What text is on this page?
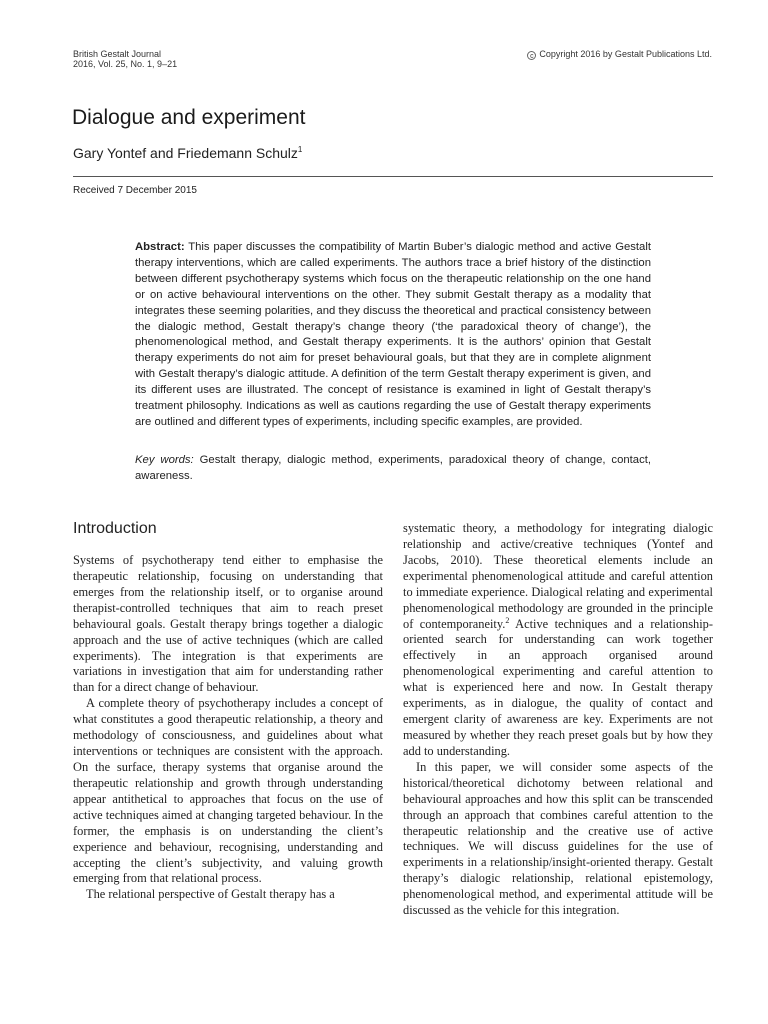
British Gestalt Journal
2016, Vol. 25, No. 1, 9–21
c Copyright 2016 by Gestalt Publications Ltd.
Dialogue and experiment
Gary Yontef and Friedemann Schulz$^1$
Received 7 December 2015
Abstract: This paper discusses the compatibility of Martin Buber’s dialogic method and active Gestalt therapy interventions, which are called experiments. The authors trace a brief history of the distinction between different psychotherapy systems which focus on the therapeutic relationship on the one hand or on active behavioural interventions on the other. They submit Gestalt therapy as a modality that integrates these seeming polarities, and they discuss the theoretical and practical consistency between the dialogic method, Gestalt therapy’s change theory (‘the paradoxical theory of change’), the phenomenological method, and Gestalt therapy experiments. It is the authors’ opinion that Gestalt therapy experiments do not aim for preset behavioural goals, but that they are in complete alignment with Gestalt therapy’s dialogic attitude. A definition of the term Gestalt therapy experiment is given, and its different uses are illustrated. The concept of resistance is examined in light of Gestalt therapy’s treatment philosophy. Indications as well as cautions regarding the use of Gestalt therapy experiments are outlined and different types of experiments, including specific examples, are provided.
Key words: Gestalt therapy, dialogic method, experiments, paradoxical theory of change, contact, awareness.
Introduction

Systems of psychotherapy tend either to emphasise the therapeutic relationship, focusing on understanding that emerges from the relationship itself, or to organise around therapist-controlled techniques that aim to reach preset behavioural goals. Gestalt therapy brings together a dialogic approach and the use of active techniques (which are called experiments). The integration is that experiments are variations in investigation that aim for understanding rather than for a direct change of behaviour.

A complete theory of psychotherapy includes a concept of what constitutes a good therapeutic relationship, a theory and methodology of consciousness, and guidelines about what interventions or techniques are consistent with the approach. On the surface, therapy systems that organise around the therapeutic relationship and growth through understanding appear antithetical to approaches that focus on the use of active techniques aimed at changing targeted behaviour. In the former, the emphasis is on understanding the client’s experience and behaviour, recognising, understanding and accepting the client’s subjectivity, and valuing growth emerging from that relational process.

The relational perspective of Gestalt therapy has a

systematic theory, a methodology for integrating dialogic relationship and active/creative techniques (Yontef and Jacobs, 2010). These theoretical elements include an experimental phenomenological attitude and careful attention to immediate experience. Dialogical relating and experimental phenomenological methodology are grounded in the principle of contemporaneity.$^2$ Active techniques and a relationship-oriented search for understanding can work together effectively in an approach organised around phenomenological experimenting and careful attention to what is experienced here and now. In Gestalt therapy experiments, as in dialogue, the quality of contact and emergent clarity of awareness are key. Experiments are not measured by whether they reach preset goals but by how they add to understanding.

In this paper, we will consider some aspects of the historical/theoretical dichotomy between relational and behavioural approaches and how this split can be transcended through an approach that combines careful attention to the therapeutic relationship and the creative use of active techniques. We will discuss guidelines for the use of experiments in a relationship/insight-oriented therapy. Gestalt therapy’s dialogic relationship, relational epistemology, phenomenological method, and experimental attitude will be discussed as the vehicle for this integration.
